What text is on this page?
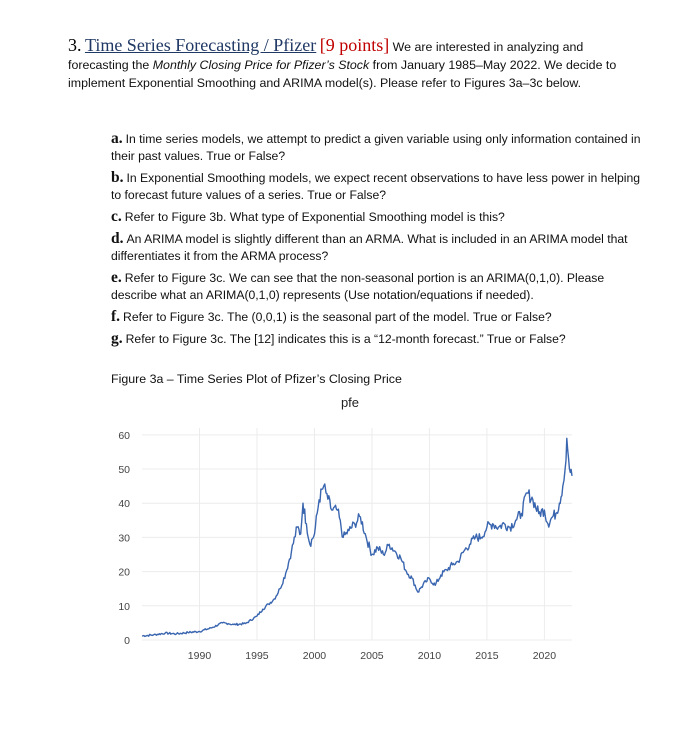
3. Time Series Forecasting / Pfizer [9 points] We are interested in analyzing and forecasting the Monthly Closing Price for Pfizer’s Stock from January 1985–May 2022. We decide to implement Exponential Smoothing and ARIMA model(s). Please refer to Figures 3a–3c below.

a. In time series models, we attempt to predict a given variable using only information contained in their past values. True or False?

b. In Exponential Smoothing models, we expect recent observations to have less power in helping to forecast future values of a series. True or False?

c. Refer to Figure 3b. What type of Exponential Smoothing model is this?

d. An ARIMA model is slightly different than an ARMA. What is included in an ARIMA model that differentiates it from the ARMA process?

e. Refer to Figure 3c. We can see that the non-seasonal portion is an ARIMA(0,1,0). Please describe what an ARIMA(0,1,0) represents (Use notation/equations if needed).

f. Refer to Figure 3c. The (0,0,1) is the seasonal part of the model. True or False?

g. Refer to Figure 3c. The [12] indicates this is a “12-month forecast.” True or False?

Figure 3a – Time Series Plot of Pfizer’s Closing Price
pfe
0
10
20
30
40
50
60
1990	1995	2000	2005	2010	2015	2020
